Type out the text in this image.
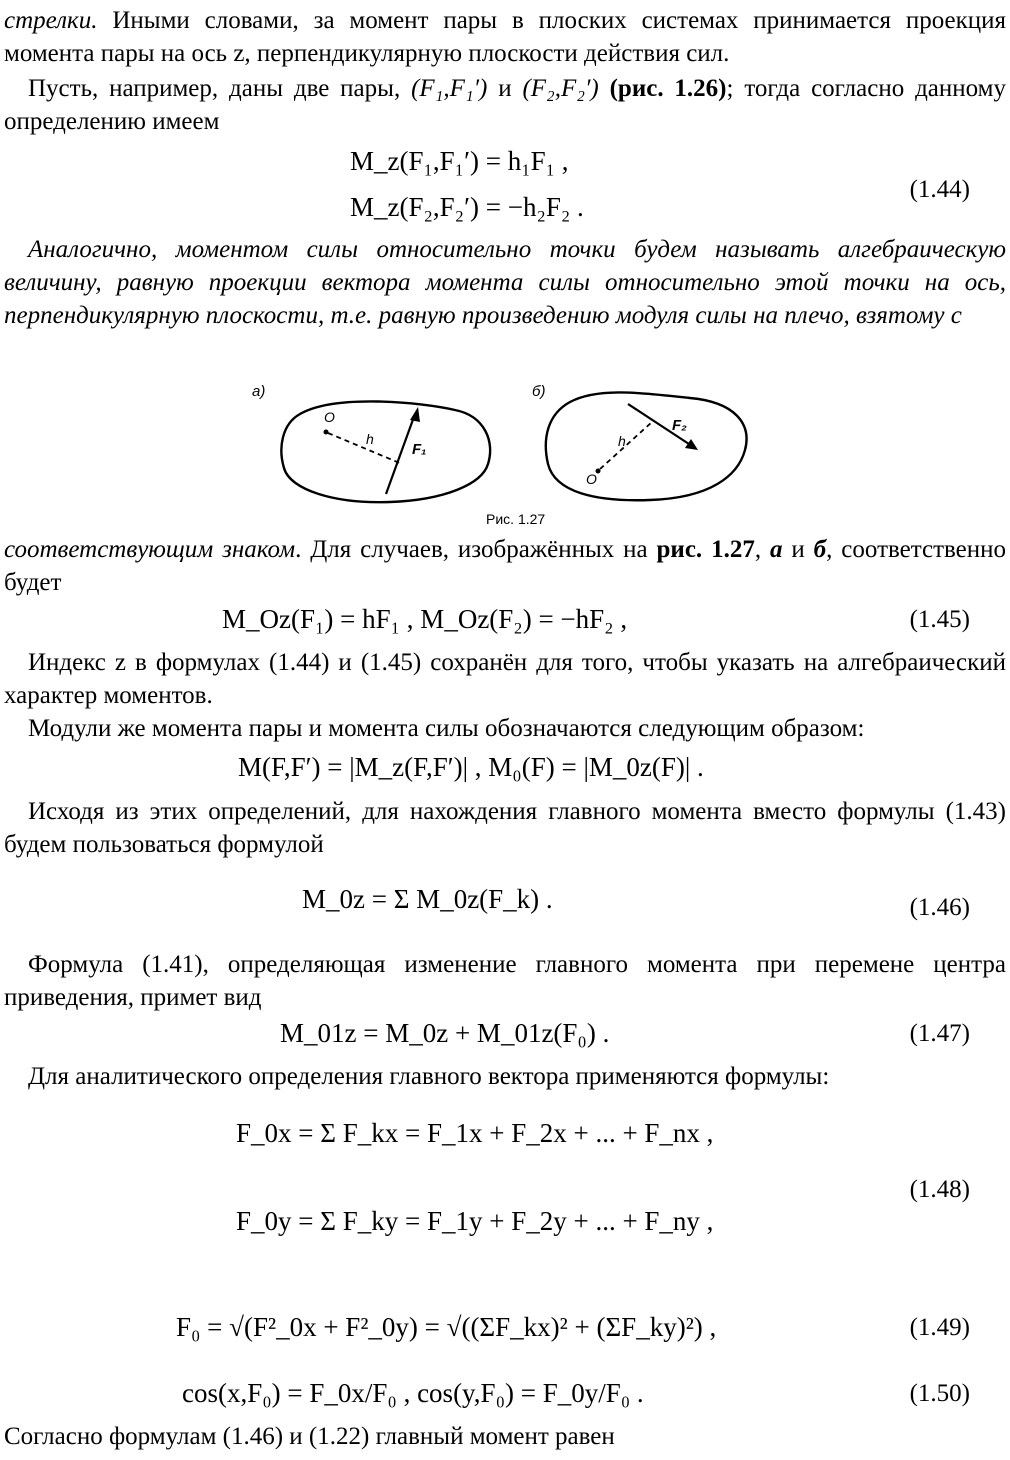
стрелки. Иными словами, за момент пары в плоских системах принимается проекция момента пары на ось z, перпендикулярную плоскости действия сил.
Пусть, например, даны две пары, (F₁,F₁′) и (F₂,F₂′) (рис. 1.26); тогда согласно данному определению имеем
M_z(F₁,F₁′) = h₁F₁ ,
M_z(F₂,F₂′) = −h₂F₂ .
(1.44)
Аналогично, моментом силы относительно точки будем называть алгебраическую величину, равную проекции вектора момента силы относительно этой точки на ось, перпендикулярную плоскости, т.е. равную произведению модуля силы на плечо, взятому с
а)
O
h
F₁
б)
F₂
O
h
Рис. 1.27
соответствующим знаком. Для случаев, изображённых на рис. 1.27, а и б, соответственно будет
M_Oz(F₁) = hF₁ , M_Oz(F₂) = −hF₂ ,	(1.45)
Индекс z в формулах (1.44) и (1.45) сохранён для того, чтобы указать на алгебраический характер моментов.
Модули же момента пары и момента силы обозначаются следующим образом:
M(F,F′) = |M_z(F,F′)| , M₀(F) = |M_0z(F)| .
Исходя из этих определений, для нахождения главного момента вместо формулы (1.43) будем пользоваться формулой
M_0z = Σ M_0z(F_k) .	(1.46)
Формула (1.41), определяющая изменение главного момента при перемене центра приведения, примет вид
M_01z = M_0z + M_01z(F₀) .	(1.47)
Для аналитического определения главного вектора применяются формулы:
F_0x = Σ F_kx = F_1x + F_2x + ... + F_nx ,
F_0y = Σ F_ky = F_1y + F_2y + ... + F_ny ,
(1.48)
F₀ = √(F²_0x + F²_0y) = √((ΣF_kx)² + (ΣF_ky)²) ,	(1.49)
cos(x,F₀) = F_0x/F₀ , cos(y,F₀) = F_0y/F₀ .	(1.50)
Согласно формулам (1.46) и (1.22) главный момент равен
